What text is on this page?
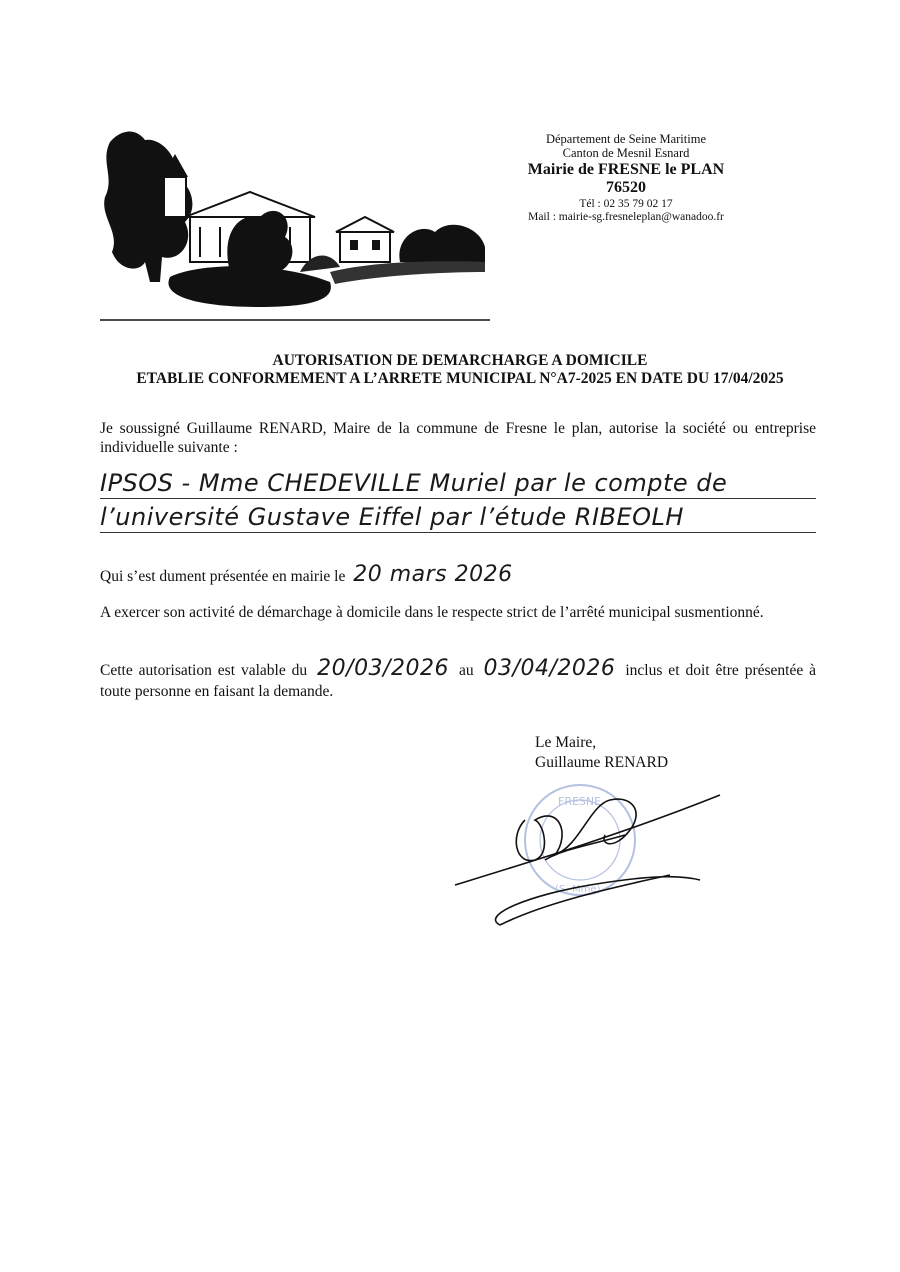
Département de Seine Maritime
Canton de Mesnil Esnard
Mairie de FRESNE le PLAN
76520
Tél : 02 35 79 02 17
Mail : mairie-sg.fresneleplan@wanadoo.fr
AUTORISATION DE DEMARCHARGE A DOMICILE
ETABLIE CONFORMEMENT A L’ARRETE MUNICIPAL N°A7-2025 EN DATE DU 17/04/2025
Je soussigné Guillaume RENARD, Maire de la commune de Fresne le plan, autorise la société ou entreprise individuelle suivante :
IPSOS - Mme CHEDEVILLE Muriel par le compte de
l’université Gustave Eiffel par l’étude RIBEOLH
Qui s’est dument présentée en mairie le 20 mars 2026
A exercer son activité de démarchage à domicile dans le respecte strict de l’arrêté municipal susmentionné.
Cette autorisation est valable du 20/03/2026 au 03/04/2026 inclus et doit être présentée à toute personne en faisant la demande.
Le Maire,
Guillaume RENARD
FRESNE
(S.-Mme)
